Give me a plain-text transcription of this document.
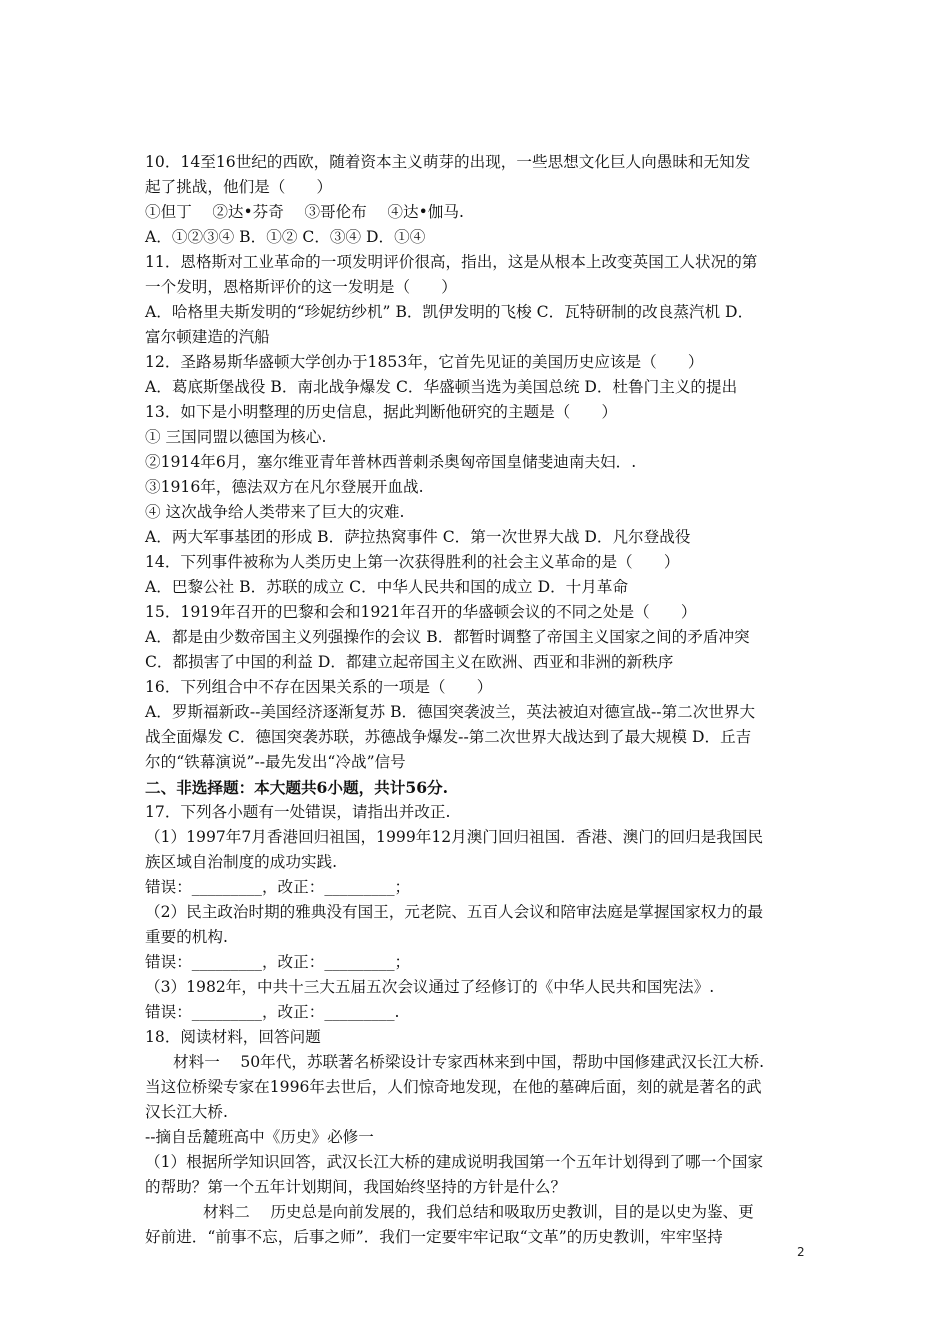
10．14至16世纪的西欧，随着资本主义萌芽的出现，一些思想文化巨人向愚昧和无知发
起了挑战，他们是（　　）
①但丁　 ②达•芬奇　 ③哥伦布　 ④达•伽马.
A．①②③④ B．①② C．③④ D．①④
11．恩格斯对工业革命的一项发明评价很高，指出，这是从根本上改变英国工人状况的第
一个发明，恩格斯评价的这一发明是（　　）
A．哈格里夫斯发明的“珍妮纺纱机” B．凯伊发明的飞梭 C．瓦特研制的改良蒸汽机 D．
富尔顿建造的汽船
12．圣路易斯华盛顿大学创办于1853年，它首先见证的美国历史应该是（　　）
A．葛底斯堡战役 B．南北战争爆发 C．华盛顿当选为美国总统 D．杜鲁门主义的提出
13．如下是小明整理的历史信息，据此判断他研究的主题是（　　）
① 三国同盟以德国为核心.
②1914年6月，塞尔维亚青年普林西普刺杀奥匈帝国皇储斐迪南夫妇．.
③1916年，德法双方在凡尔登展开血战.
④ 这次战争给人类带来了巨大的灾难.
A．两大军事基团的形成 B．萨拉热窝事件 C．第一次世界大战 D．凡尔登战役
14．下列事件被称为人类历史上第一次获得胜利的社会主义革命的是（　　）
A．巴黎公社 B．苏联的成立 C．中华人民共和国的成立 D．十月革命
15．1919年召开的巴黎和会和1921年召开的华盛顿会议的不同之处是（　　）
A．都是由少数帝国主义列强操作的会议 B．都暂时调整了帝国主义国家之间的矛盾冲突
C．都损害了中国的利益 D．都建立起帝国主义在欧洲、西亚和非洲的新秩序
16．下列组合中不存在因果关系的一项是（　　）
A．罗斯福新政--美国经济逐渐复苏 B．德国突袭波兰，英法被迫对德宣战--第二次世界大
战全面爆发 C．德国突袭苏联，苏德战争爆发--第二次世界大战达到了最大规模 D．丘吉
尔的“铁幕演说”--最先发出“冷战”信号
二、非选择题：本大题共6小题，共计56分.
17．下列各小题有一处错误，请指出并改正.
（1）1997年7月香港回归祖国，1999年12月澳门回归祖国．香港、澳门的回归是我国民
族区域自治制度的成功实践.
错误：_________，改正：_________；
（2）民主政治时期的雅典没有国王，元老院、五百人会议和陪审法庭是掌握国家权力的最
重要的机构.
错误：_________，改正：_________；
（3）1982年，中共十三大五届五次会议通过了经修订的《中华人民共和国宪法》.
错误：_________，改正：_________.
18．阅读材料，回答问题
材料一　 50年代，苏联著名桥梁设计专家西林来到中国，帮助中国修建武汉长江大桥.
当这位桥梁专家在1996年去世后，人们惊奇地发现，在他的墓碑后面，刻的就是著名的武
汉长江大桥.
--摘自岳麓班高中《历史》必修一
（1）根据所学知识回答，武汉长江大桥的建成说明我国第一个五年计划得到了哪一个国家
的帮助？第一个五年计划期间，我国始终坚持的方针是什么？
材料二　 历史总是向前发展的，我们总结和吸取历史教训，目的是以史为鉴、更
好前进．“前事不忘，后事之师”．我们一定要牢牢记取“文革”的历史教训，牢牢坚持
2
